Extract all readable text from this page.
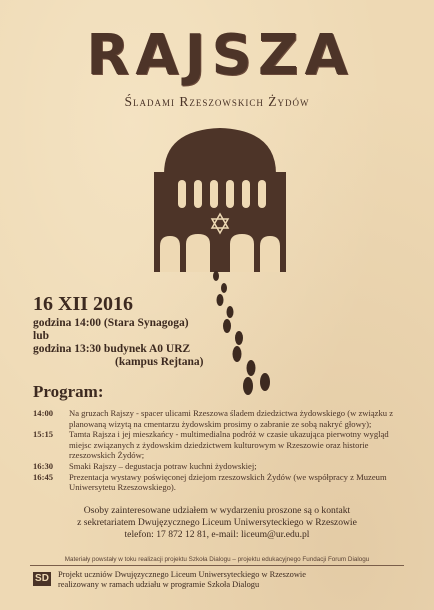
RAJSZA
Śladami Rzeszowskich Żydów
16 XII 2016
godzina 14:00 (Stara Synagoga)
lub
godzina 13:30 budynek A0 URZ
(kampus Rejtana)
Program:
14:00	Na gruzach Rajszy - spacer ulicami Rzeszowa śladem dziedzictwa żydowskiego (w związku z planowaną wizytą na cmentarzu żydowskim prosimy o zabranie ze sobą nakryć głowy);
15:15	Tamta Rajsza i jej mieszkańcy - multimedialna podróż w czasie ukazująca pierwotny wygląd miejsc związanych z żydowskim dziedzictwem kulturowym w Rzeszowie oraz historie rzeszowskich Żydów;
16:30	Smaki Rajszy – degustacja potraw kuchni żydowskiej;
16:45	Prezentacja wystawy poświęconej dziejom rzeszowskich Żydów (we współpracy z Muzeum Uniwersytetu Rzeszowskiego).
Osoby zainteresowane udziałem w wydarzeniu proszone są o kontakt
z sekretariatem Dwujęzycznego Liceum Uniwersyteckiego w Rzeszowie
telefon: 17 872 12 81, e-mail: liceum@ur.edu.pl
Materiały powstały w toku realizacji projektu Szkoła Dialogu – projektu edukacyjnego Fundacji Forum Dialogu
SD Projekt uczniów Dwujęzycznego Liceum Uniwersyteckiego w Rzeszowie
realizowany w ramach udziału w programie Szkoła Dialogu
